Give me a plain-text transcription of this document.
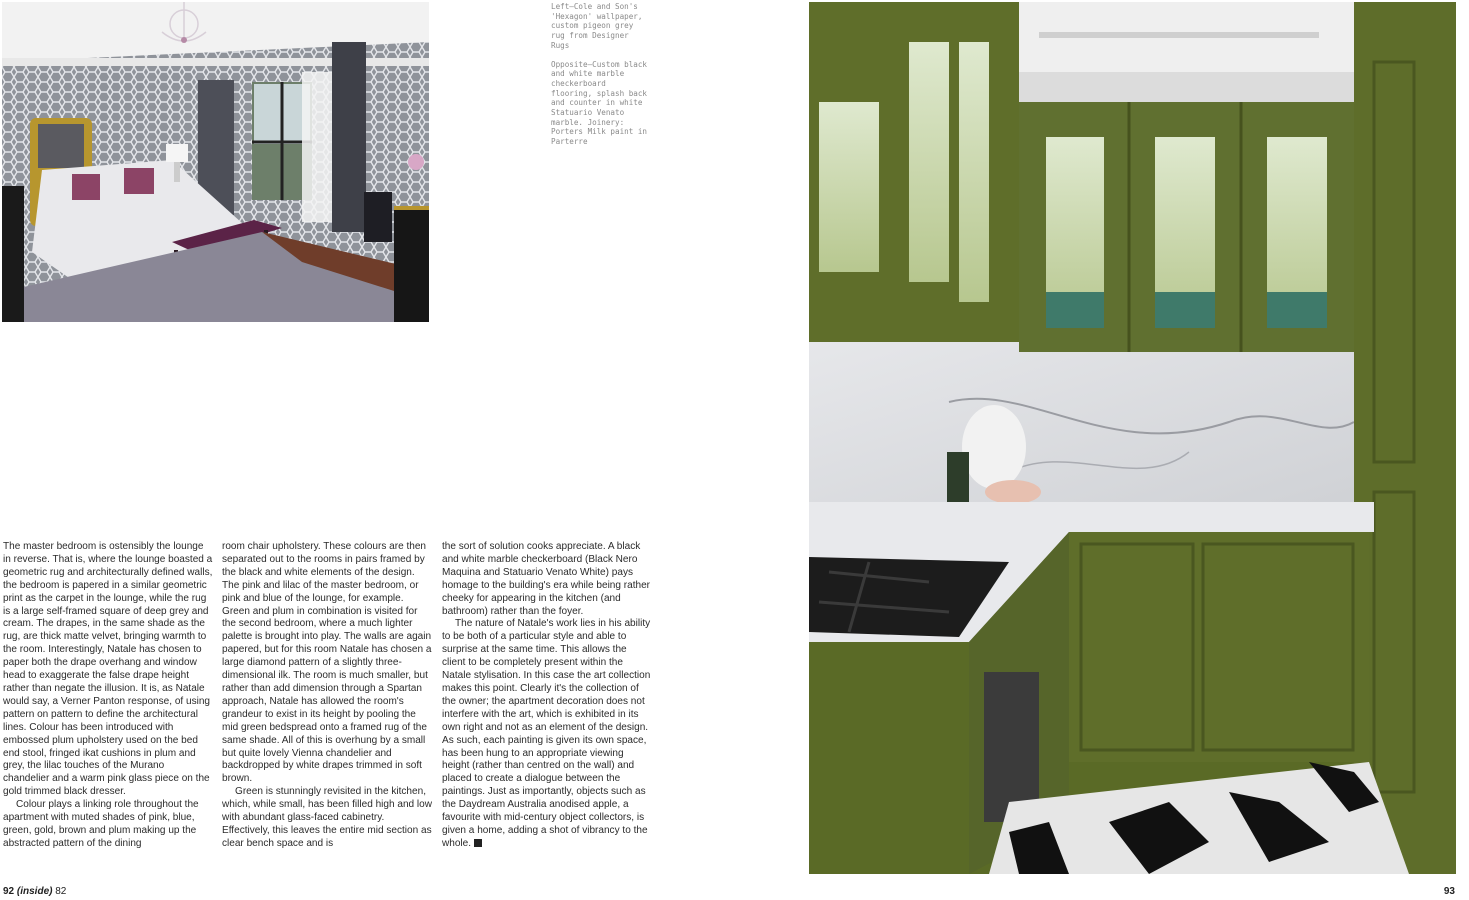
Left—Cole and Son's 'Hexagon' wallpaper, custom pigeon grey rug from Designer Rugs

Opposite—Custom black and white marble checkerboard flooring, splash back and counter in white Statuario Venato marble. Joinery: Porters Milk paint in Parterre

The master bedroom is ostensibly the lounge in reverse. That is, where the lounge boasted a geometric rug and architecturally defined walls, the bedroom is papered in a similar geometric print as the carpet in the lounge, while the rug is a large self-framed square of deep grey and cream. The drapes, in the same shade as the rug, are thick matte velvet, bringing warmth to the room. Interestingly, Natale has chosen to paper both the drape overhang and window head to exaggerate the false drape height rather than negate the illusion. It is, as Natale would say, a Verner Panton response, of using pattern on pattern to define the architectural lines. Colour has been introduced with embossed plum upholstery used on the bed end stool, fringed ikat cushions in plum and grey, the lilac touches of the Murano chandelier and a warm pink glass piece on the gold trimmed black dresser.

Colour plays a linking role throughout the apartment with muted shades of pink, blue, green, gold, brown and plum making up the abstracted pattern of the dining

room chair upholstery. These colours are then separated out to the rooms in pairs framed by the black and white elements of the design. The pink and lilac of the master bedroom, or pink and blue of the lounge, for example. Green and plum in combination is visited for the second bedroom, where a much lighter palette is brought into play. The walls are again papered, but for this room Natale has chosen a large diamond pattern of a slightly three-dimensional ilk. The room is much smaller, but rather than add dimension through a Spartan approach, Natale has allowed the room's grandeur to exist in its height by pooling the mid green bedspread onto a framed rug of the same shade. All of this is overhung by a small but quite lovely Vienna chandelier and backdropped by white drapes trimmed in soft brown.

Green is stunningly revisited in the kitchen, which, while small, has been filled high and low with abundant glass-faced cabinetry. Effectively, this leaves the entire mid section as clear bench space and is

the sort of solution cooks appreciate. A black and white marble checkerboard (Black Nero Maquina and Statuario Venato White) pays homage to the building's era while being rather cheeky for appearing in the kitchen (and bathroom) rather than the foyer.

The nature of Natale's work lies in his ability to be both of a particular style and able to surprise at the same time. This allows the client to be completely present within the Natale stylisation. In this case the art collection makes this point. Clearly it's the collection of the owner; the apartment decoration does not interfere with the art, which is exhibited in its own right and not as an element of the design. As such, each painting is given its own space, has been hung to an appropriate viewing height (rather than centred on the wall) and placed to create a dialogue between the paintings. Just as importantly, objects such as the Daydream Australia anodised apple, a favourite with mid-century object collectors, is given a home, adding a shot of vibrancy to the whole.	[i]

92 (inside) 82	93
